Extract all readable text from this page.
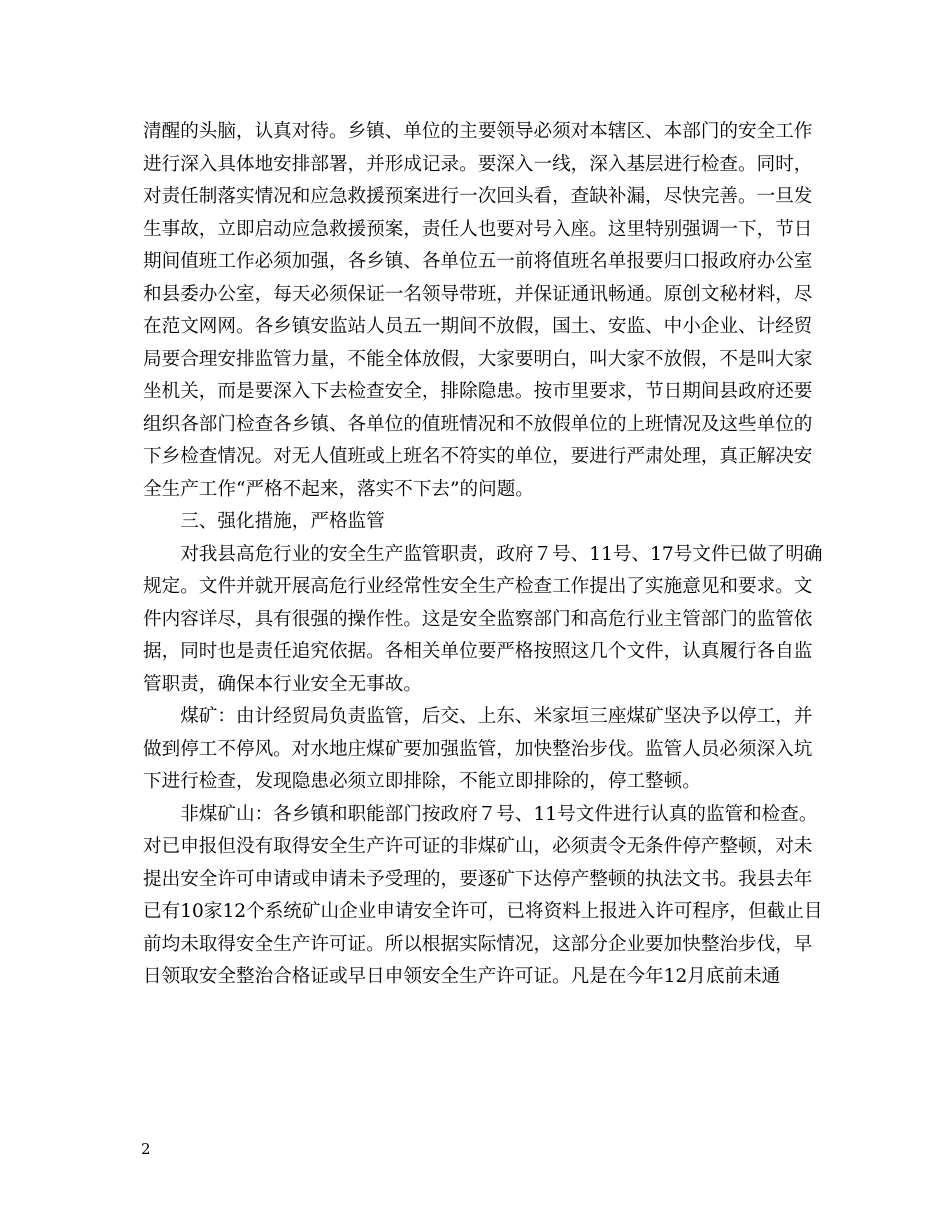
清醒的头脑，认真对待。乡镇、单位的主要领导必须对本辖区、本部门的安全工作进行深入具体地安排部署，并形成记录。要深入一线，深入基层进行检查。同时，对责任制落实情况和应急救援预案进行一次回头看，查缺补漏，尽快完善。一旦发生事故，立即启动应急救援预案，责任人也要对号入座。这里特别强调一下，节日期间值班工作必须加强，各乡镇、各单位五一前将值班名单报要归口报政府办公室和县委办公室，每天必须保证一名领导带班，并保证通讯畅通。原创文秘材料，尽在范文网网。各乡镇安监站人员五一期间不放假，国土、安监、中小企业、计经贸局要合理安排监管力量，不能全体放假，大家要明白，叫大家不放假，不是叫大家坐机关，而是要深入下去检查安全，排除隐患。按市里要求，节日期间县政府还要组织各部门检查各乡镇、各单位的值班情况和不放假单位的上班情况及这些单位的下乡检查情况。对无人值班或上班名不符实的单位，要进行严肃处理，真正解决安全生产工作“严格不起来，落实不下去”的问题。

三、强化措施，严格监管

对我县高危行业的安全生产监管职责，政府７号、11号、17号文件已做了明确规定。文件并就开展高危行业经常性安全生产检查工作提出了实施意见和要求。文件内容详尽，具有很强的操作性。这是安全监察部门和高危行业主管部门的监管依据，同时也是责任追究依据。各相关单位要严格按照这几个文件，认真履行各自监管职责，确保本行业安全无事故。

煤矿：由计经贸局负责监管，后交、上东、米家垣三座煤矿坚决予以停工，并做到停工不停风。对水地庄煤矿要加强监管，加快整治步伐。监管人员必须深入坑下进行检查，发现隐患必须立即排除，不能立即排除的，停工整顿。

非煤矿山：各乡镇和职能部门按政府７号、11号文件进行认真的监管和检查。对已申报但没有取得安全生产许可证的非煤矿山，必须责令无条件停产整顿，对未提出安全许可申请或申请未予受理的，要逐矿下达停产整顿的执法文书。我县去年已有10家12个系统矿山企业申请安全许可，已将资料上报进入许可程序，但截止目前均未取得安全生产许可证。所以根据实际情况，这部分企业要加快整治步伐，早日领取安全整治合格证或早日申领安全生产许可证。凡是在今年12月底前未通

2
